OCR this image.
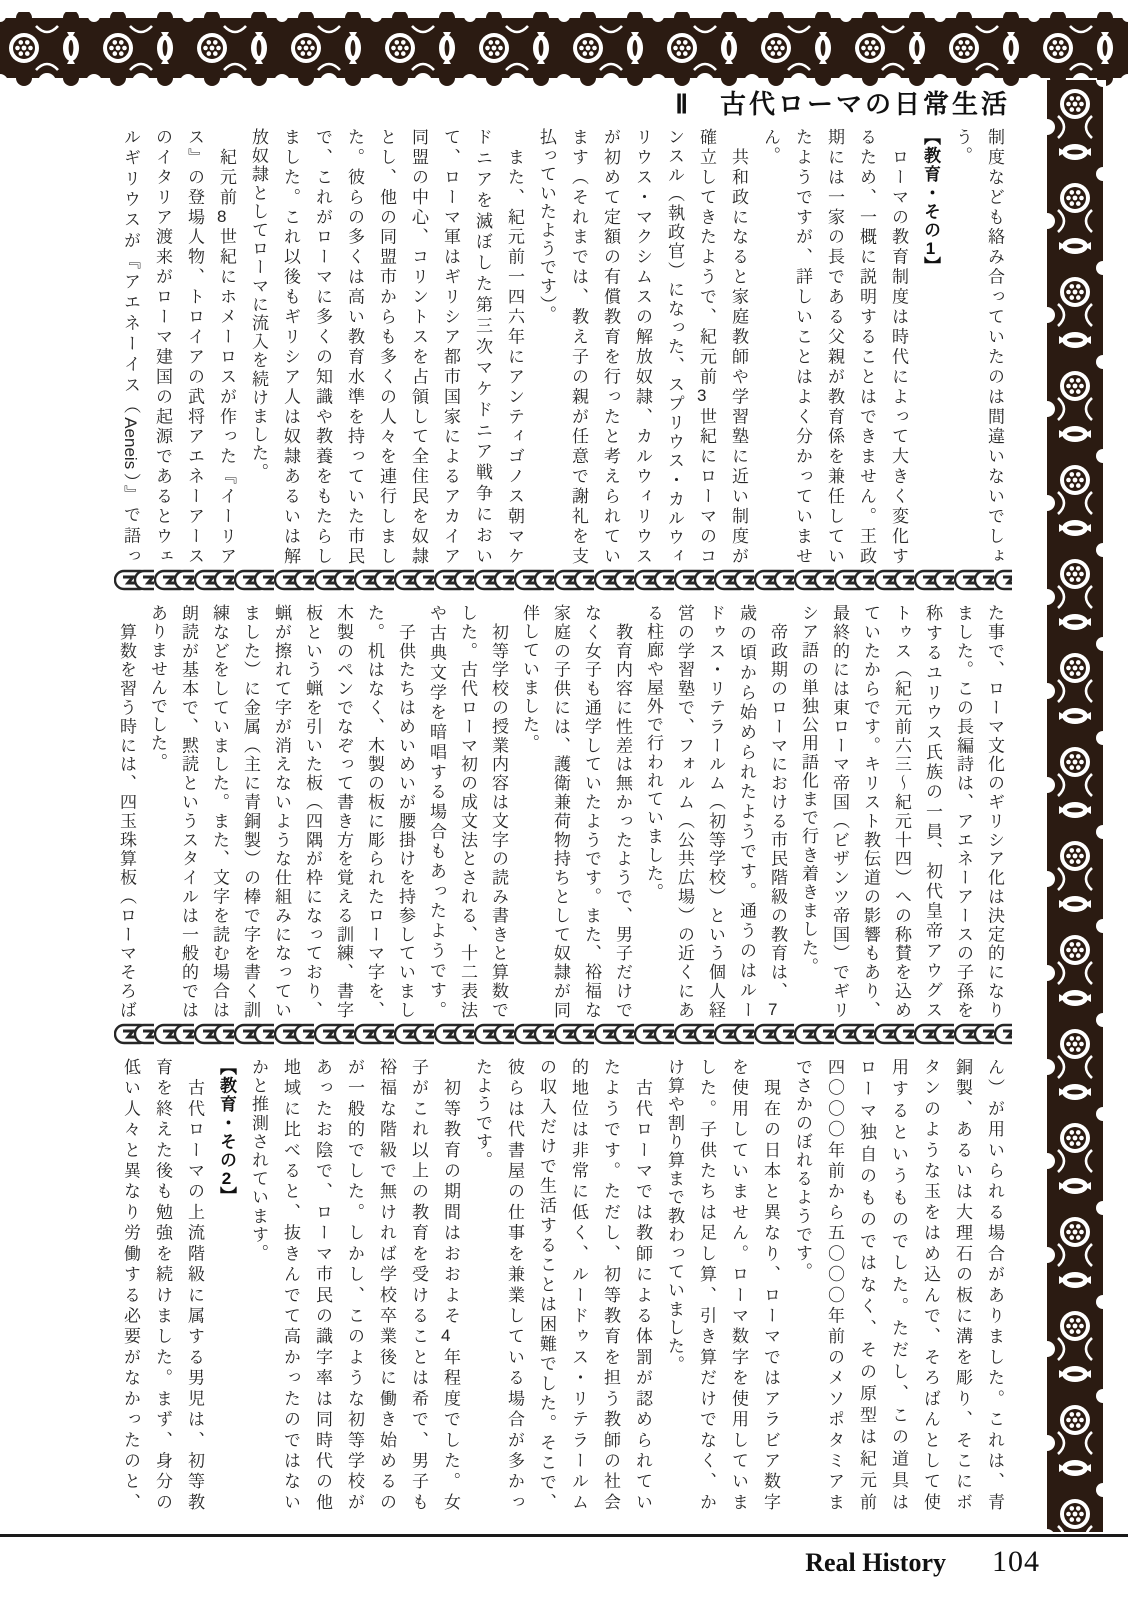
Ⅱ　古代ローマの日常生活
制度なども絡み合っていたのは間違いないでしょ
う。
【教育・その1】
　ローマの教育制度は時代によって大きく変化す
るため、一概に説明することはできません。王政
期には一家の長である父親が教育係を兼任してい
たようですが、詳しいことはよく分かっていませ
ん。
　共和政になると家庭教師や学習塾に近い制度が
確立してきたようで、紀元前3世紀にローマのコ
ンスル（執政官）になった、スプリウス・カルウィ
リウス・マクシムスの解放奴隷、カルウィリウス
が初めて定額の有償教育を行ったと考えられてい
ます（それまでは、教え子の親が任意で謝礼を支
払っていたようです）。
　また、紀元前一四六年にアンティゴノス朝マケ
ドニアを滅ぼした第三次マケドニア戦争におい
て、ローマ軍はギリシア都市国家によるアカイア
同盟の中心、コリントスを占領して全住民を奴隷
とし、他の同盟市からも多くの人々を連行しまし
た。彼らの多くは高い教育水準を持っていた市民
で、これがローマに多くの知識や教養をもたらし
ました。これ以後もギリシア人は奴隷あるいは解
放奴隷としてローマに流入を続けました。
　紀元前8世紀にホメーロスが作った『イーリア
ス』の登場人物、トロイアの武将アエネーアース
のイタリア渡来がローマ建国の起源であるとウェ
ルギリウスが『アエネーイス（Aeneis）』で語っ
た事で、ローマ文化のギリシア化は決定的になり
ました。この長編詩は、アエネーアースの子孫を
称するユリウス氏族の一員、初代皇帝アウグス
トゥス（紀元前六三～紀元十四）への称賛を込め
ていたからです。キリスト教伝道の影響もあり、
最終的には東ローマ帝国（ビザンツ帝国）でギリ
シア語の単独公用語化まで行き着きました。
　帝政期のローマにおける市民階級の教育は、7
歳の頃から始められたようです。通うのはルー
ドゥス・リテラールム（初等学校）という個人経
営の学習塾で、フォルム（公共広場）の近くにあ
る柱廊や屋外で行われていました。
　教育内容に性差は無かったようで、男子だけで
なく女子も通学していたようです。また、裕福な
家庭の子供には、護衛兼荷物持ちとして奴隷が同
伴していました。
　初等学校の授業内容は文字の読み書きと算数で
した。古代ローマ初の成文法とされる、十二表法
や古典文学を暗唱する場合もあったようです。
　子供たちはめいめいが腰掛けを持参していまし
た。机はなく、木製の板に彫られたローマ字を、
木製のペンでなぞって書き方を覚える訓練、書字
板という蝋を引いた板（四隅が枠になっており、
蝋が擦れて字が消えないような仕組みになってい
ました）に金属（主に青銅製）の棒で字を書く訓
練などをしていました。また、文字を読む場合は
朗読が基本で、黙読というスタイルは一般的では
ありませんでした。
　算数を習う時には、四玉珠算板（ローマそろば
ん）が用いられる場合がありました。これは、青
銅製、あるいは大理石の板に溝を彫り、そこにボ
タンのような玉をはめ込んで、そろばんとして使
用するというものでした。ただし、この道具は
ローマ独自のものではなく、その原型は紀元前
四〇〇〇年前から五〇〇〇年前のメソポタミアま
でさかのぼれるようです。
　現在の日本と異なり、ローマではアラビア数字
を使用していません。ローマ数字を使用していま
した。子供たちは足し算、引き算だけでなく、か
け算や割り算まで教わっていました。
　古代ローマでは教師による体罰が認められてい
たようです。ただし、初等教育を担う教師の社会
的地位は非常に低く、ルードゥス・リテラールム
の収入だけで生活することは困難でした。そこで、
彼らは代書屋の仕事を兼業している場合が多かっ
たようです。
　初等教育の期間はおおよそ4年程度でした。女
子がこれ以上の教育を受けることは希で、男子も
裕福な階級で無ければ学校卒業後に働き始めるの
が一般的でした。しかし、このような初等学校が
あったお陰で、ローマ市民の識字率は同時代の他
地域に比べると、抜きんでて高かったのではない
かと推測されています。
【教育・その2】
　古代ローマの上流階級に属する男児は、初等教
育を終えた後も勉強を続けました。まず、身分の
低い人々と異なり労働する必要がなかったのと、
Real History 104
